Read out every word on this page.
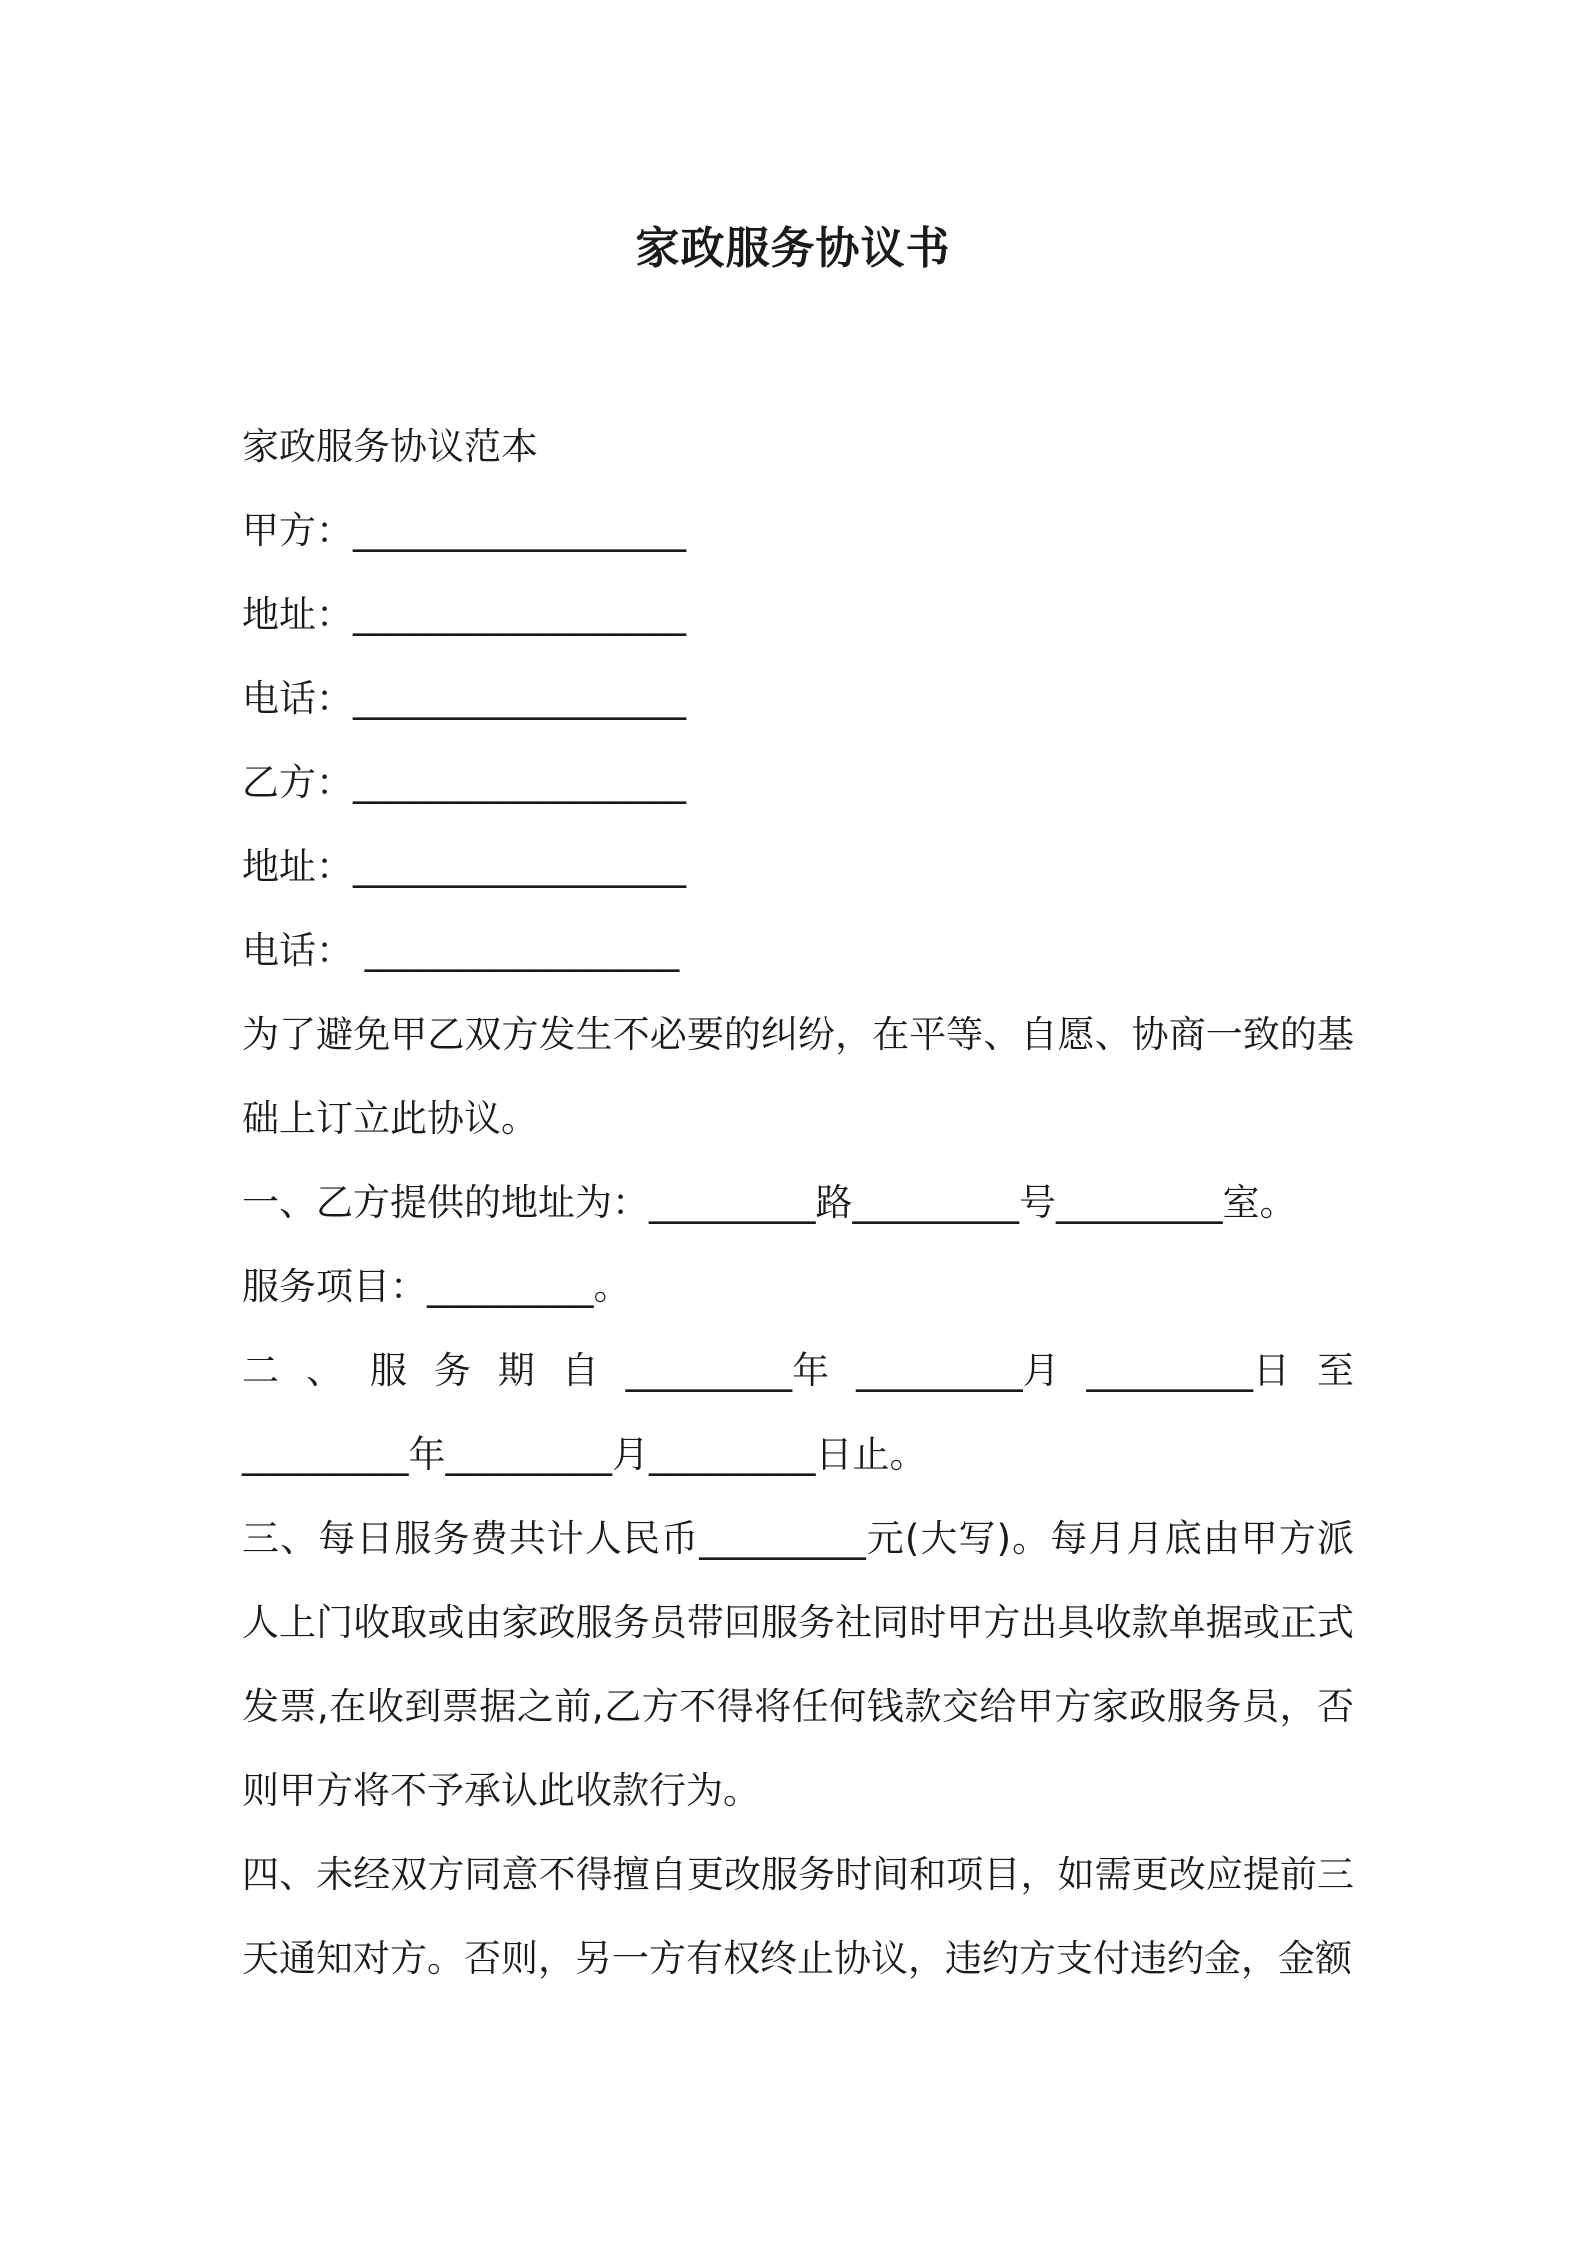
家政服务协议书
家政服务协议范本
甲方：__________________
地址：__________________
电话：__________________
乙方：__________________
地址：__________________
电话： _________________
为了避免甲乙双方发生不必要的纠纷，在平等、自愿、协商一致的基础上订立此协议。
一、乙方提供的地址为：_________路_________号_________室。
服务项目：_________。
二 、 服 务 期 自 _________年 _________月 _________日 至
_________年_________月_________日止。
三、每日服务费共计人民币_________元(大写)。每月月底由甲方派人上门收取或由家政服务员带回服务社同时甲方出具收款单据或正式发票,在收到票据之前,乙方不得将任何钱款交给甲方家政服务员，否则甲方将不予承认此收款行为。
四、未经双方同意不得擅自更改服务时间和项目，如需更改应提前三天通知对方。否则，另一方有权终止协议，违约方支付违约金，金额
